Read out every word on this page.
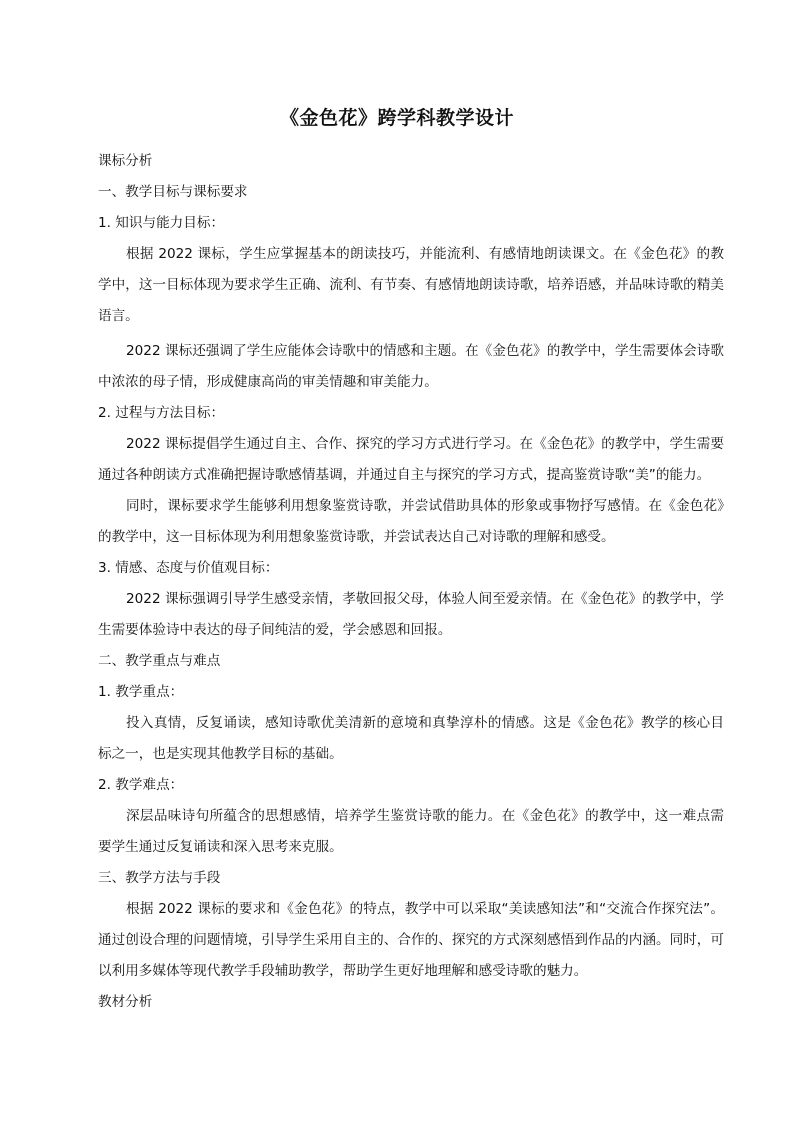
《金色花》跨学科教学设计

课标分析

一、教学目标与课标要求

1. 知识与能力目标：

根据 2022 课标，学生应掌握基本的朗读技巧，并能流利、有感情地朗读课文。在《金色花》的教学中，这一目标体现为要求学生正确、流利、有节奏、有感情地朗读诗歌，培养语感，并品味诗歌的精美语言。

2022 课标还强调了学生应能体会诗歌中的情感和主题。在《金色花》的教学中，学生需要体会诗歌中浓浓的母子情，形成健康高尚的审美情趣和审美能力。

2. 过程与方法目标：

2022 课标提倡学生通过自主、合作、探究的学习方式进行学习。在《金色花》的教学中，学生需要通过各种朗读方式准确把握诗歌感情基调，并通过自主与探究的学习方式，提高鉴赏诗歌“美”的能力。

同时，课标要求学生能够利用想象鉴赏诗歌，并尝试借助具体的形象或事物抒写感情。在《金色花》的教学中，这一目标体现为利用想象鉴赏诗歌，并尝试表达自己对诗歌的理解和感受。

3. 情感、态度与价值观目标：

2022 课标强调引导学生感受亲情，孝敬回报父母，体验人间至爱亲情。在《金色花》的教学中，学生需要体验诗中表达的母子间纯洁的爱，学会感恩和回报。

二、教学重点与难点

1. 教学重点：

投入真情，反复诵读，感知诗歌优美清新的意境和真挚淳朴的情感。这是《金色花》教学的核心目标之一，也是实现其他教学目标的基础。

2. 教学难点：

深层品味诗句所蕴含的思想感情，培养学生鉴赏诗歌的能力。在《金色花》的教学中，这一难点需要学生通过反复诵读和深入思考来克服。

三、教学方法与手段

根据 2022 课标的要求和《金色花》的特点，教学中可以采取“美读感知法”和“交流合作探究法”。通过创设合理的问题情境，引导学生采用自主的、合作的、探究的方式深刻感悟到作品的内涵。同时，可以利用多媒体等现代教学手段辅助教学，帮助学生更好地理解和感受诗歌的魅力。

教材分析
